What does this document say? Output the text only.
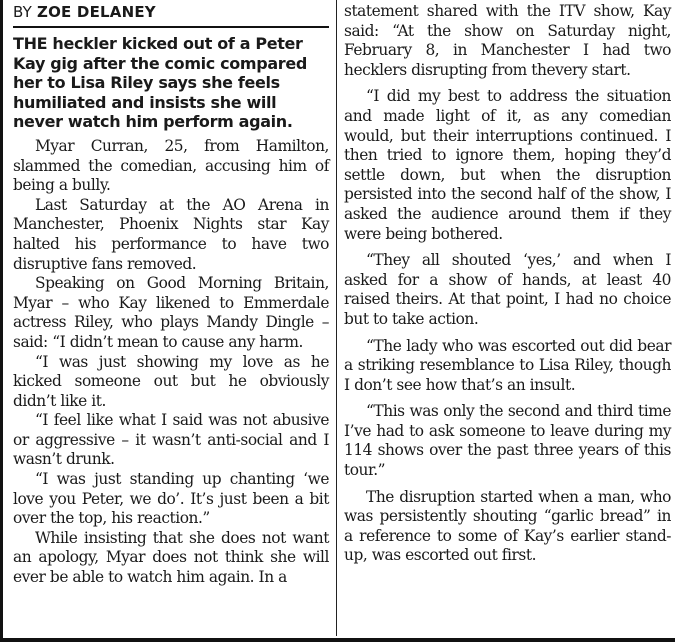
BY ZOE DELANEY
THE heckler kicked out of a Peter Kay gig after the comic compared her to Lisa Riley says she feels humiliated and insists she will never watch him perform again.

Myar Curran, 25, from Hamilton, slammed the comedian, accusing him of being a bully.

Last Saturday at the AO Arena in Manchester, Phoenix Nights star Kay halted his performance to have two disruptive fans removed.

Speaking on Good Morning Britain, Myar – who Kay likened to Emmerdale actress Riley, who plays Mandy Dingle – said: “I didn’t mean to cause any harm.

“I was just showing my love as he kicked someone out but he obviously didn’t like it.

“I feel like what I said was not abusive or aggressive – it wasn’t anti-social and I wasn’t drunk.

“I was just standing up chanting ‘we love you Peter, we do’. It’s just been a bit over the top, his reaction.”

While insisting that she does not want an apology, Myar does not think she will ever be able to watch him again. In a

statement shared with the ITV show, Kay said: “At the show on Saturday night, February 8, in Manchester I had two hecklers disrupting from thevery start.

“I did my best to address the situation and made light of it, as any comedian would, but their interruptions continued. I then tried to ignore them, hoping they’d settle down, but when the disruption persisted into the second half of the show, I asked the audience around them if they were being bothered.

“They all shouted ‘yes,’ and when I asked for a show of hands, at least 40 raised theirs. At that point, I had no choice but to take action.

“The lady who was escorted out did bear a striking resemblance to Lisa Riley, though I don’t see how that’s an insult.

“This was only the second and third time I’ve had to ask someone to leave during my 114 shows over the past three years of this tour.”

The disruption started when a man, who was persistently shouting “garlic bread” in a reference to some of Kay’s earlier stand-up, was escorted out first.
